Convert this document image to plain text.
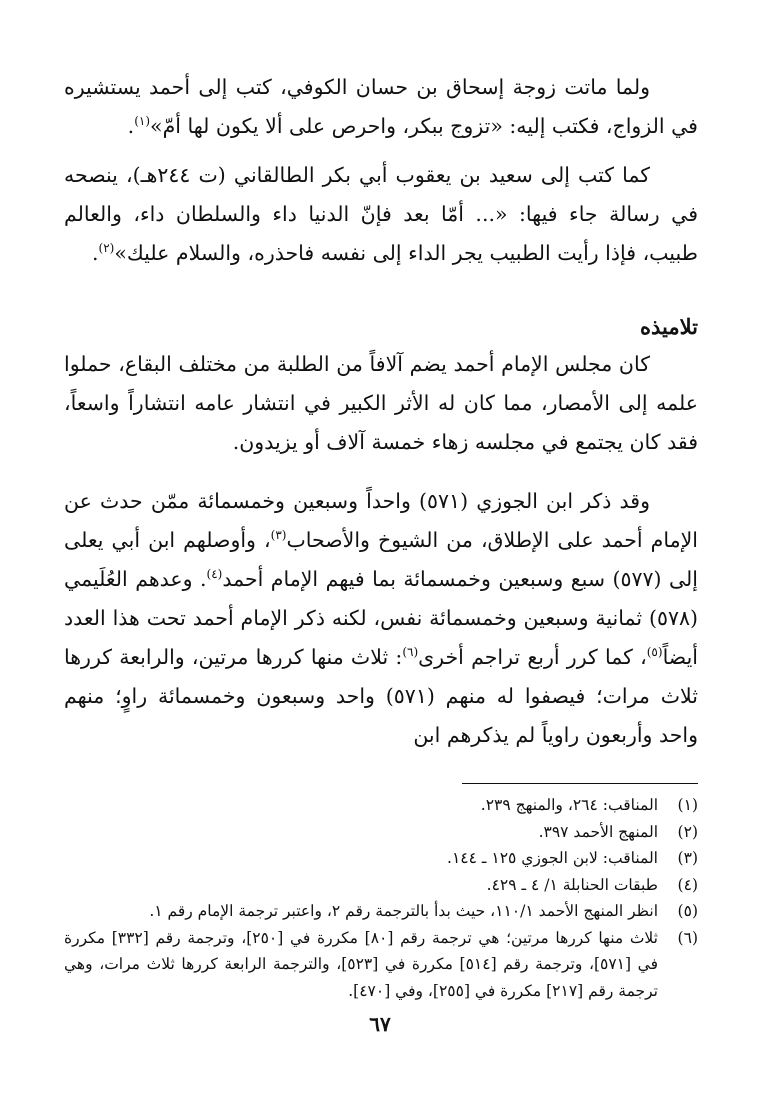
ولما ماتت زوجة إسحاق بن حسان الكوفي، كتب إلى أحمد يستشيره في الزواج، فكتب إليه: «تزوج ببكر، واحرص على ألا يكون لها أمّ»$^{(١)}$.

كما كتب إلى سعيد بن يعقوب أبي بكر الطالقاني (ت ٢٤٤هـ)، ينصحه في رسالة جاء فيها: «... أمّا بعد فإنّ الدنيا داء والسلطان داء، والعالم طبيب، فإذا رأيت الطبيب يجر الداء إلى نفسه فاحذره، والسلام عليك»$^{(٢)}$.

تلاميذه

كان مجلس الإمام أحمد يضم آلافاً من الطلبة من مختلف البقاع، حملوا علمه إلى الأمصار، مما كان له الأثر الكبير في انتشار عامه انتشاراً واسعاً، فقد كان يجتمع في مجلسه زهاء خمسة آلاف أو يزيدون.

وقد ذكر ابن الجوزي (٥٧١) واحداً وسبعين وخمسمائة ممّن حدث عن الإمام أحمد على الإطلاق، من الشيوخ والأصحاب$^{(٣)}$، وأوصلهم ابن أبي يعلى إلى (٥٧٧) سبع وسبعين وخمسمائة بما فيهم الإمام أحمد$^{(٤)}$. وعدهم العُلَيمي (٥٧٨) ثمانية وسبعين وخمسمائة نفس، لكنه ذكر الإمام أحمد تحت هذا العدد أيضاً$^{(٥)}$، كما كرر أربع تراجم أخرى$^{(٦)}$: ثلاث منها كررها مرتين، والرابعة كررها ثلاث مرات؛ فيصفوا له منهم (٥٧١) واحد وسبعون وخمسمائة راوٍ؛ منهم واحد وأربعون راوياً لم يذكرهم ابن

(١)
المناقب: ٢٦٤، والمنهج ٢٣٩.
(٢)
المنهج الأحمد ٣٩٧.
(٣)
المناقب: لابن الجوزي ١٢٥ ـ ١٤٤.
(٤)
طبقات الحنابلة ١/ ٤ ـ ٤٢٩.
(٥)
انظر المنهج الأحمد ١١٠/١، حيث بدأ بالترجمة رقم ٢، واعتبر ترجمة الإمام رقم ١.
(٦)
ثلاث منها كررها مرتين؛ هي ترجمة رقم [٨٠] مكررة في [٢٥٠]، وترجمة رقم [٣٣٢] مكررة في [٥٧١]، وترجمة رقم [٥١٤] مكررة في [٥٢٣]، والترجمة الرابعة كررها ثلاث مرات، وهي ترجمة رقم [٢١٧] مكررة في [٢٥٥]، وفي [٤٧٠].
٦٧
